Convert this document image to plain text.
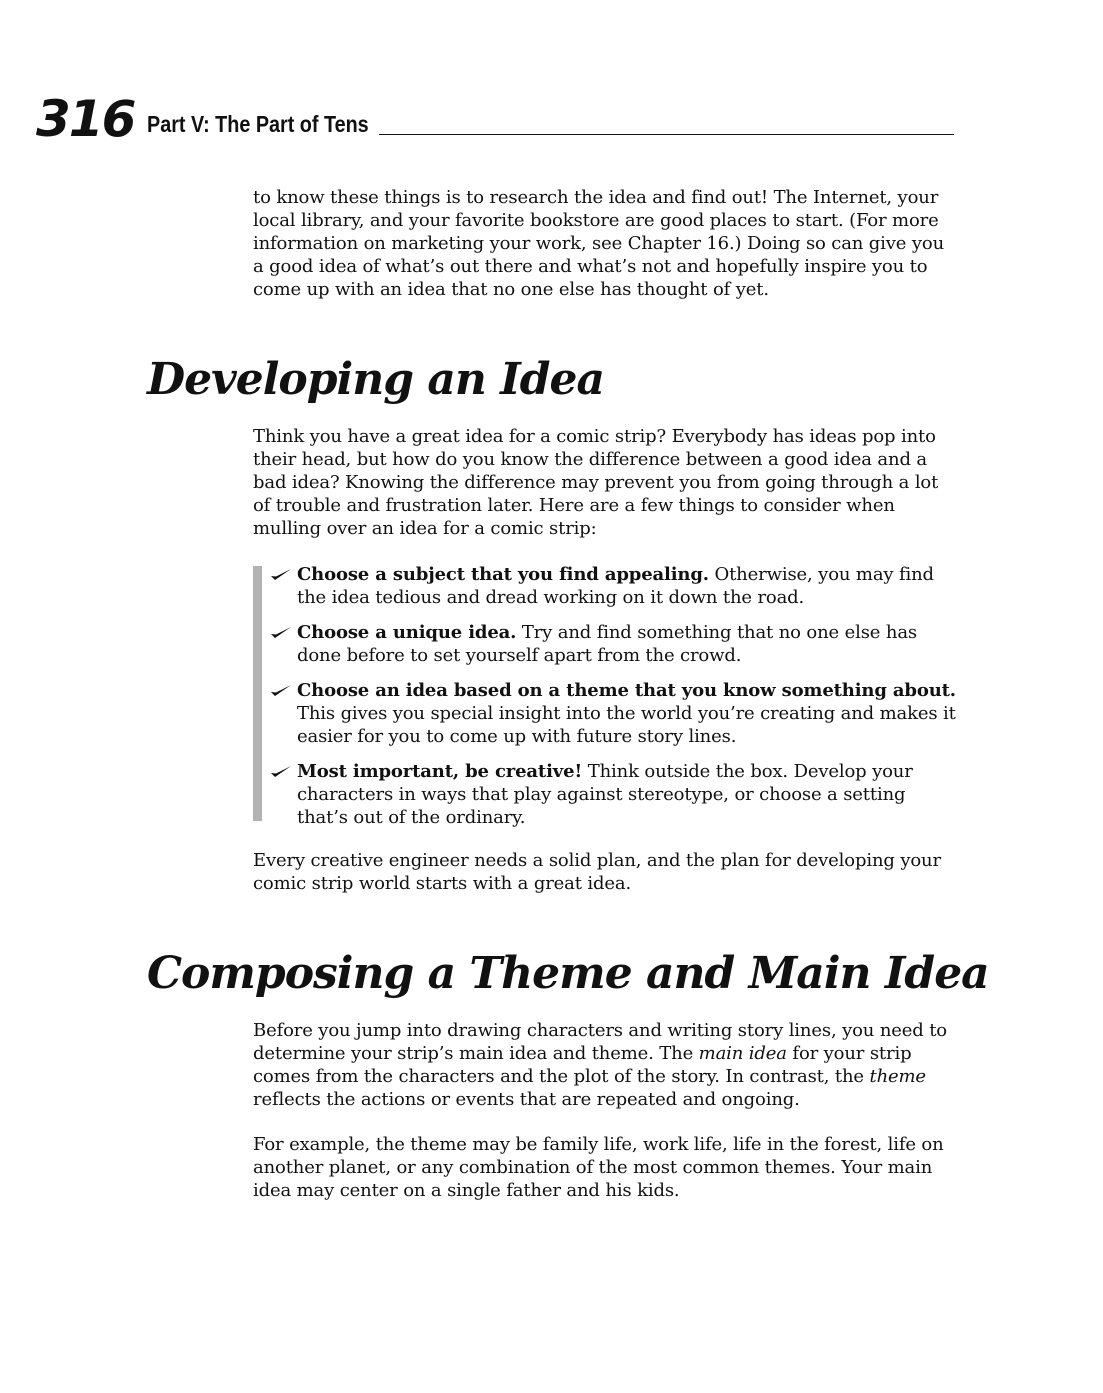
316 Part V: The Part of Tens

to know these things is to research the idea and find out! The Internet, your local library, and your favorite bookstore are good places to start. (For more information on marketing your work, see Chapter 16.) Doing so can give you a good idea of what’s out there and what’s not and hopefully inspire you to come up with an idea that no one else has thought of yet.

Developing an Idea

Think you have a great idea for a comic strip? Everybody has ideas pop into their head, but how do you know the difference between a good idea and a bad idea? Knowing the difference may prevent you from going through a lot of trouble and frustration later. Here are a few things to consider when mulling over an idea for a comic strip:

Choose a subject that you find appealing. Otherwise, you may find the idea tedious and dread working on it down the road.
Choose a unique idea. Try and find something that no one else has done before to set yourself apart from the crowd.
Choose an idea based on a theme that you know something about. This gives you special insight into the world you’re creating and makes it easier for you to come up with future story lines.
Most important, be creative! Think outside the box. Develop your characters in ways that play against stereotype, or choose a setting that’s out of the ordinary.

Every creative engineer needs a solid plan, and the plan for developing your comic strip world starts with a great idea.

Composing a Theme and Main Idea

Before you jump into drawing characters and writing story lines, you need to determine your strip’s main idea and theme. The main idea for your strip comes from the characters and the plot of the story. In contrast, the theme reflects the actions or events that are repeated and ongoing.

For example, the theme may be family life, work life, life in the forest, life on another planet, or any combination of the most common themes. Your main idea may center on a single father and his kids.
